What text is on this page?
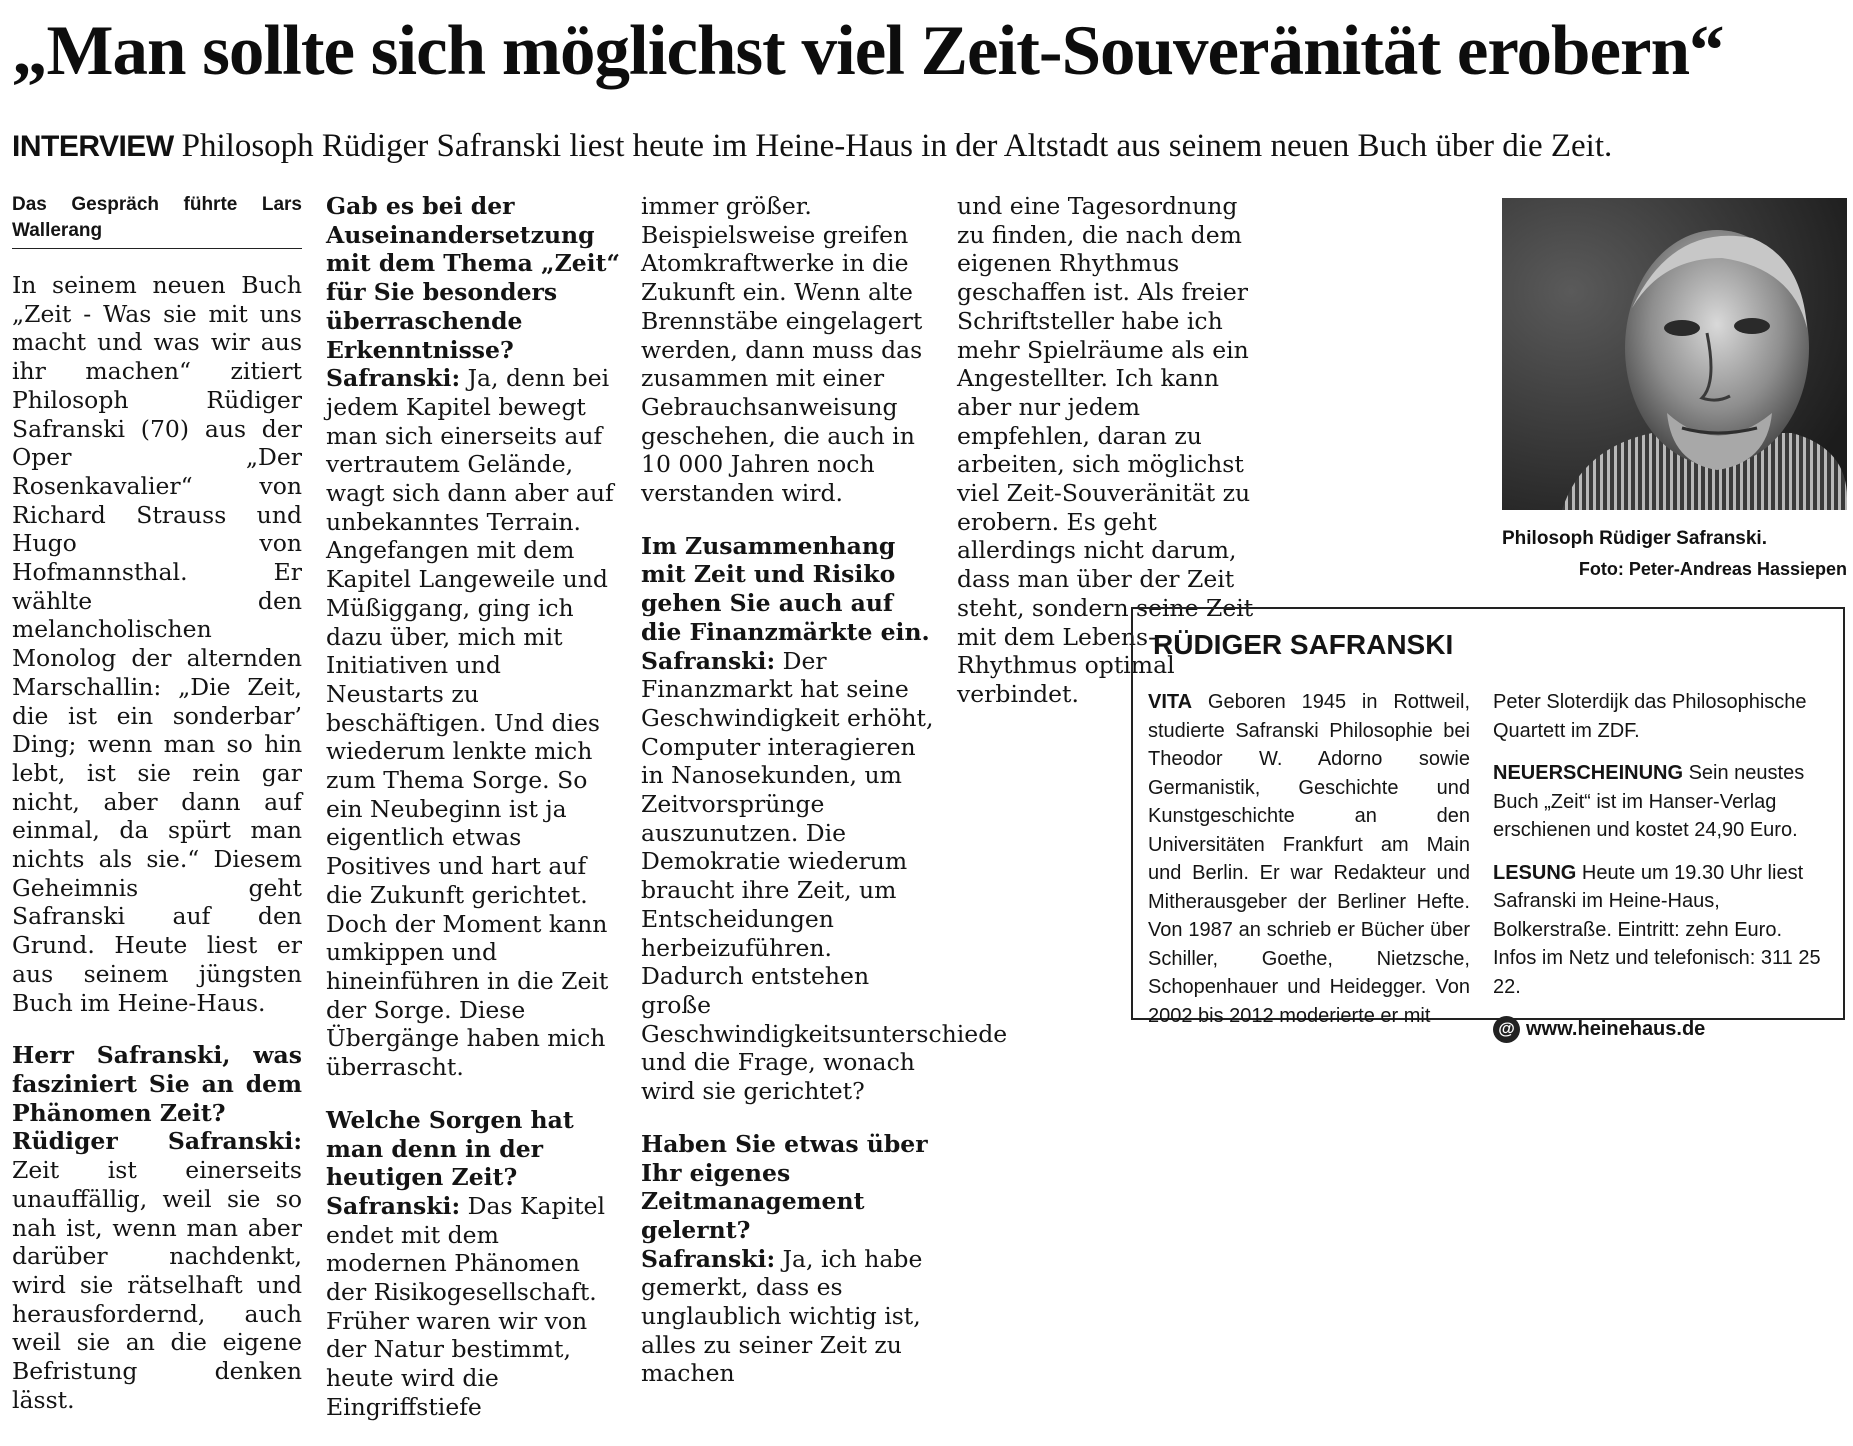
„Man sollte sich möglichst viel Zeit-Souveränität erobern“
INTERVIEW Philosoph Rüdiger Safranski liest heute im Heine-Haus in der Altstadt aus seinem neuen Buch über die Zeit.
Das Gespräch führte Lars Wallerang

In seinem neuen Buch „Zeit - Was sie mit uns macht und was wir aus ihr machen“ zitiert Philosoph Rüdiger Safranski (70) aus der Oper „Der Rosenkavalier“ von Richard Strauss und Hugo von Hofmannsthal. Er wählte den melancholischen Monolog der alternden Marschallin: „Die Zeit, die ist ein sonderbar’ Ding; wenn man so hin lebt, ist sie rein gar nicht, aber dann auf einmal, da spürt man nichts als sie.“ Diesem Geheimnis geht Safranski auf den Grund. Heute liest er aus seinem jüngsten Buch im Heine-Haus.

Herr Safranski, was fasziniert Sie an dem Phänomen Zeit?
Rüdiger Safranski: Zeit ist einerseits unauffällig, weil sie so nah ist, wenn man aber darüber nachdenkt, wird sie rätselhaft und herausfordernd, auch weil sie an die eigene Befristung denken lässt.

Gab es bei der Auseinandersetzung mit dem Thema „Zeit“ für Sie besonders überraschende Erkenntnisse?
Safranski: Ja, denn bei jedem Kapitel bewegt man sich einerseits auf vertrautem Gelände, wagt sich dann aber auf unbekanntes Terrain. Angefangen mit dem Kapitel Langeweile und Müßiggang, ging ich dazu über, mich mit Initiativen und Neustarts zu beschäftigen. Und dies wiederum lenkte mich zum Thema Sorge. So ein Neubeginn ist ja eigentlich etwas Positives und hart auf die Zukunft gerichtet. Doch der Moment kann umkippen und hineinführen in die Zeit der Sorge. Diese Übergänge haben mich überrascht.

Welche Sorgen hat man denn in der heutigen Zeit?
Safranski: Das Kapitel endet mit dem modernen Phänomen der Risikogesellschaft. Früher waren wir von der Natur bestimmt, heute wird die Eingriffstiefe

immer größer. Beispielsweise greifen Atomkraftwerke in die Zukunft ein. Wenn alte Brennstäbe eingelagert werden, dann muss das zusammen mit einer Gebrauchsanweisung geschehen, die auch in 10 000 Jahren noch verstanden wird.

Im Zusammenhang mit Zeit und Risiko gehen Sie auch auf die Finanzmärkte ein.
Safranski: Der Finanzmarkt hat seine Geschwindigkeit erhöht, Computer interagieren in Nanosekunden, um Zeitvorsprünge auszunutzen. Die Demokratie wiederum braucht ihre Zeit, um Entscheidungen herbeizuführen. Dadurch entstehen große Geschwindigkeitsunterschiede und die Frage, wonach wird sie gerichtet?

Haben Sie etwas über Ihr eigenes Zeitmanagement gelernt?
Safranski: Ja, ich habe gemerkt, dass es unglaublich wichtig ist, alles zu seiner Zeit zu machen

und eine Tagesordnung zu finden, die nach dem eigenen Rhythmus geschaffen ist. Als freier Schriftsteller habe ich mehr Spielräume als ein Angestellter. Ich kann aber nur jedem empfehlen, daran zu arbeiten, sich möglichst viel Zeit-Souveränität zu erobern. Es geht allerdings nicht darum, dass man über der Zeit steht, sondern seine Zeit mit dem Lebens-Rhythmus optimal verbindet.

Philosoph Rüdiger Safranski.
Foto: Peter-Andreas Hassiepen
RÜDIGER SAFRANSKI

VITA Geboren 1945 in Rottweil, studierte Safranski Philosophie bei Theodor W. Adorno sowie Germanistik, Geschichte und Kunstgeschichte an den Universitäten Frankfurt am Main und Berlin. Er war Redakteur und Mitherausgeber der Berliner Hefte. Von 1987 an schrieb er Bücher über Schiller, Goethe, Nietzsche, Schopenhauer und Heidegger. Von 2002 bis 2012 moderierte er mit

Peter Sloterdijk das Philosophische Quartett im ZDF.

NEUERSCHEINUNG Sein neustes Buch „Zeit“ ist im Hanser-Verlag erschienen und kostet 24,90 Euro.

LESUNG Heute um 19.30 Uhr liest Safranski im Heine-Haus, Bolkerstraße. Eintritt: zehn Euro. Infos im Netz und telefonisch: 311 25 22.

@ www.heinehaus.de
